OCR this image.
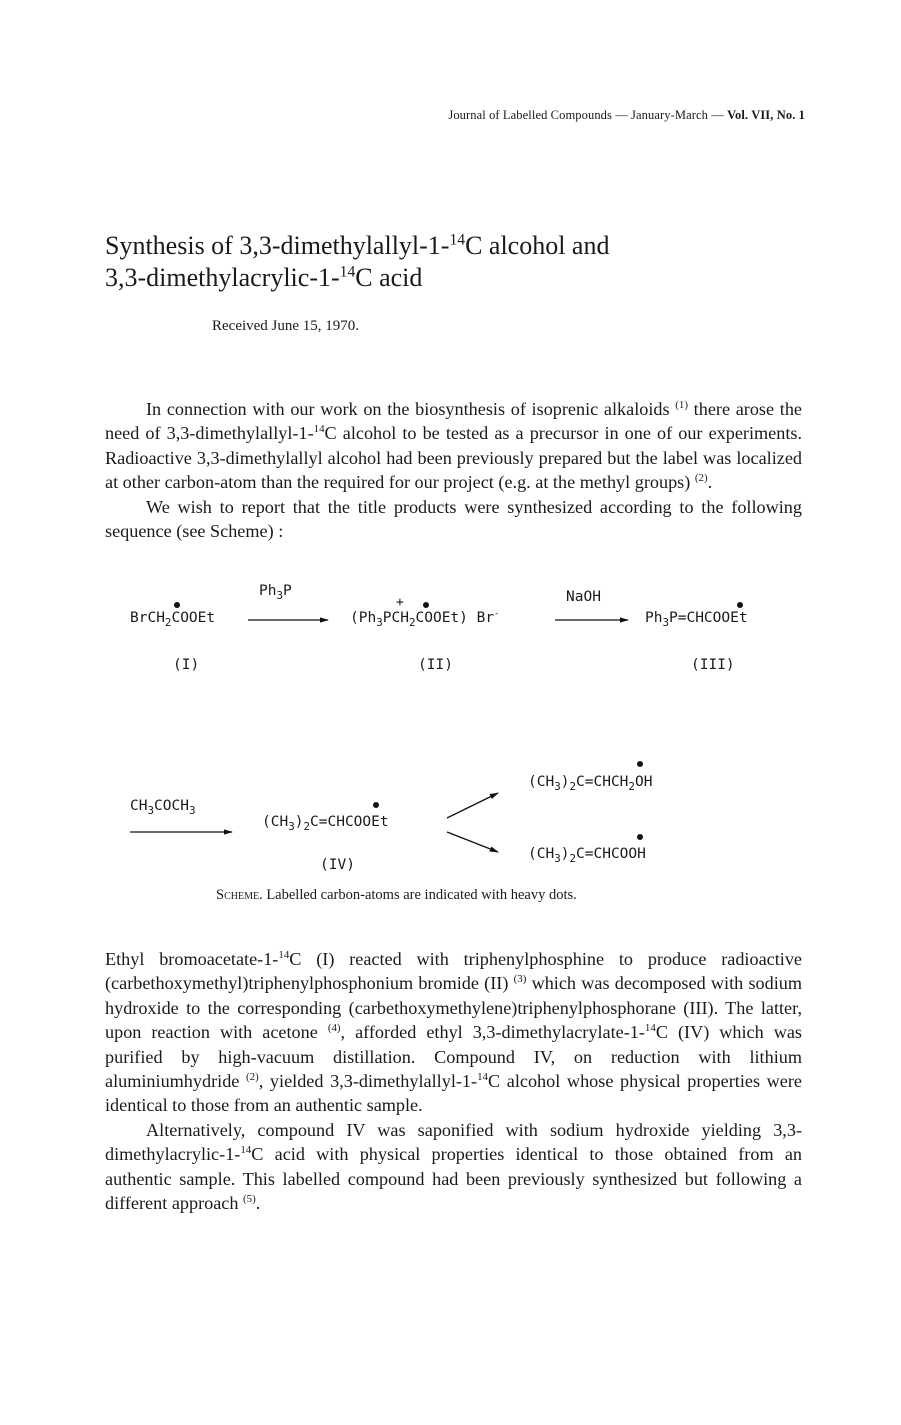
Journal of Labelled Compounds — January-March — Vol. VII, No. 1
Synthesis of 3,3-dimethylallyl-1-$^{14}$C alcohol and
3,3-dimethylacrylic-1-$^{14}$C acid
Received June 15, 1970.

In connection with our work on the biosynthesis of isoprenic alkaloids $^{(1)}$ there arose the need of 3,3-dimethylallyl-1-$^{14}$C alcohol to be tested as a precursor in one of our experiments. Radioactive 3,3-dimethylallyl alcohol had been previously prepared but the label was localized at other carbon-atom than the required for our project (e.g. at the methyl groups) $^{(2)}$.

We wish to report that the title products were synthesized according to the following sequence (see Scheme) :

BrCH$_2$COOEt
$Ph_3P$
+
$(Ph_3PCH_2COOEt)$ Br-
NaOH
$Ph_3P=CHCOOEt$
(I)	(II)	(III)
$CH_3COCH_3$
$(CH_3)_2C=CHCOOEt$
(IV)
$(CH_3)_2C=CHCH_2OH$
$(CH_3)_2C=CHCOOH$
Scheme. Labelled carbon-atoms are indicated with heavy dots.

Ethyl bromoacetate-1-$^{14}$C (I) reacted with triphenylphosphine to produce radioactive (carbethoxymethyl)triphenylphosphonium bromide (II) $^{(3)}$ which was decomposed with sodium hydroxide to the corresponding (carbethoxymethylene)triphenylphosphorane (III). The latter, upon reaction with acetone $^{(4)}$, afforded ethyl 3,3-dimethylacrylate-1-$^{14}$C (IV) which was purified by high-vacuum distillation. Compound IV, on reduction with lithium aluminiumhydride $^{(2)}$, yielded 3,3-dimethylallyl-1-$^{14}$C alcohol whose physical properties were identical to those from an authentic sample.

Alternatively, compound IV was saponified with sodium hydroxide yielding 3,3-dimethylacrylic-1-$^{14}$C acid with physical properties identical to those obtained from an authentic sample. This labelled compound had been previously synthesized but following a different approach $^{(5)}$.
